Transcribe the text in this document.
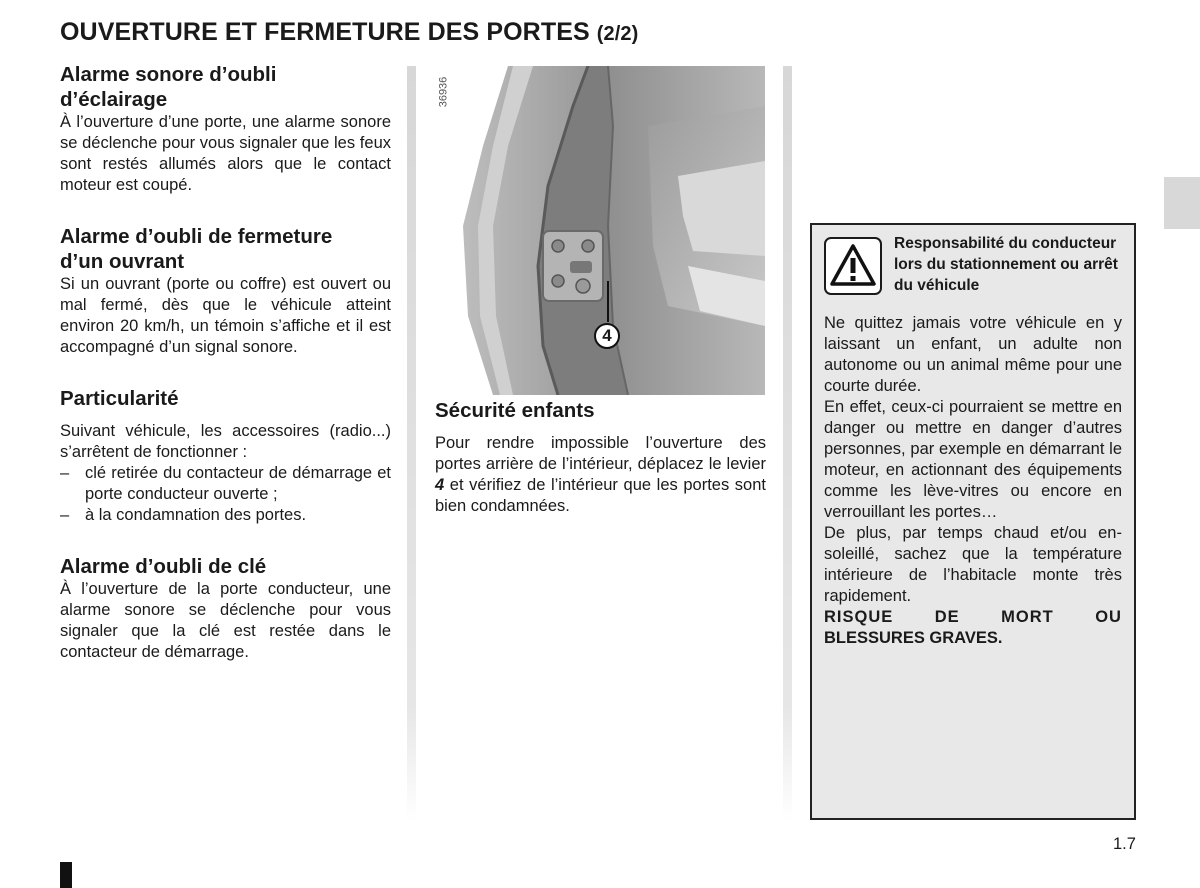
OUVERTURE ET FERMETURE DES PORTES (2/2)
Alarme sonore d’oubli
d’éclairage

À l’ouverture d’une porte, une alarme sonore se déclenche pour vous signaler que les feux sont restés allumés alors que le contact moteur est coupé.

Alarme d’oubli de fermeture
d’un ouvrant

Si un ouvrant (porte ou coffre) est ouvert ou mal fermé, dès que le véhicule atteint environ 20 km/h, un témoin s’affiche et il est accompagné d’un signal sonore.

Particularité

Suivant véhicule, les accessoires (radio...) s’arrêtent de fonctionner :

– clé retirée du contacteur de démarrage et porte conducteur ouverte ;
– à la condamnation des portes.
Alarme d’oubli de clé

À l’ouverture de la porte conducteur, une alarme sonore se déclenche pour vous signaler que la clé est restée dans le contacteur de démarrage.

4
36936
Sécurité enfants

Pour rendre impossible l’ouverture des portes arrière de l’intérieur, déplacez le levier 4 et vérifiez de l’intérieur que les portes sont bien condamnées.

Responsabilité du conducteur lors du stationnement ou arrêt du véhicule

Ne quittez jamais votre véhicule en y laissant un enfant, un adulte non autonome ou un animal même pour une courte durée.

En effet, ceux-ci pourraient se mettre en danger ou mettre en danger d’autres personnes, par exemple en démarrant le moteur, en actionnant des équipements comme les lève-vitres ou encore en verrouillant les portes…

De plus, par temps chaud et/ou ensoleillé, sachez que la température intérieure de l’habitacle monte très rapidement.

RISQUE	DE	MORT	OU
BLESSURES GRAVES.
1.7
